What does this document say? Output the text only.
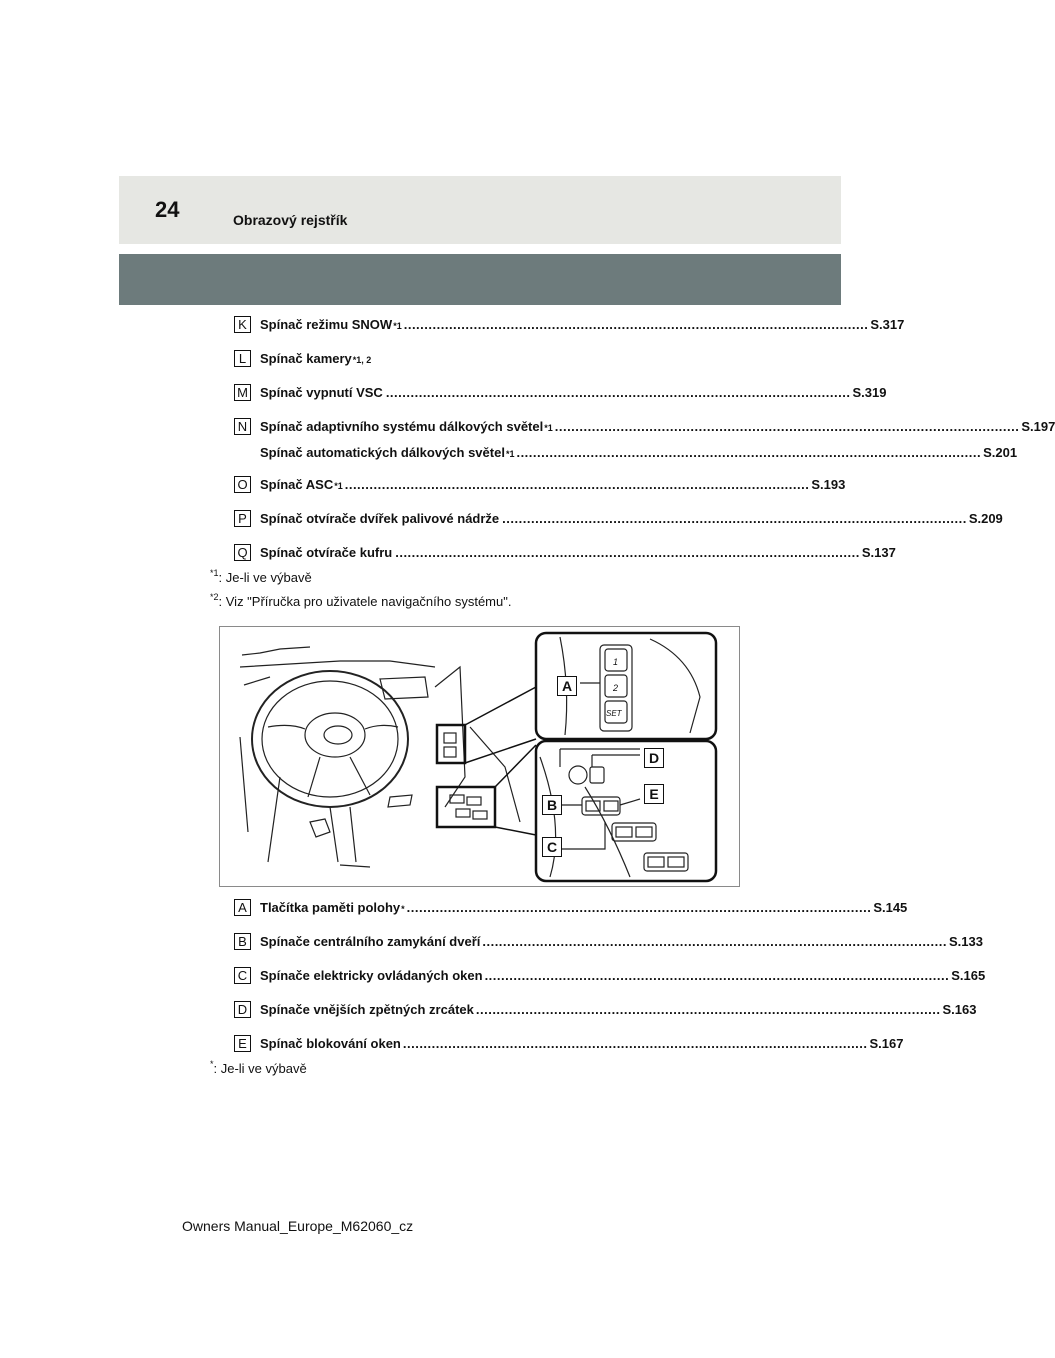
24	Obrazový rejstřík
K	Spínač režimu SNOW *1 ................................................................................................................. S.317
L	Spínač kamery *1, 2
M Spínač vypnutí VSC ................................................................................................................. S.319
N Spínač adaptivního systému dálkových světel *1 ................................................................................................................. S.197
Spínač automatických dálkových světel *1 ................................................................................................................. S.201
O Spínač ASC *1 ................................................................................................................. S.193
P	Spínač otvírače dvířek palivové nádrže ................................................................................................................. S.209
Q Spínač otvírače kufru ................................................................................................................. S.137
$^{*1}$: Je-li ve výbavě
$^{*2}$: Viz "Příručka pro uživatele navigačního systému".
A
B
C
D
E
1
2
SET
A	Tlačítka paměti polohy * ................................................................................................................. S.145
B	Spínače centrálního zamykání dveří ................................................................................................................. S.133
C Spínače elektricky ovládaných oken ................................................................................................................. S.165
D Spínače vnějších zpětných zrcátek ................................................................................................................. S.163
E	Spínač blokování oken ................................................................................................................. S.167
*: Je-li ve výbavě
Owners Manual_Europe_M62060_cz
